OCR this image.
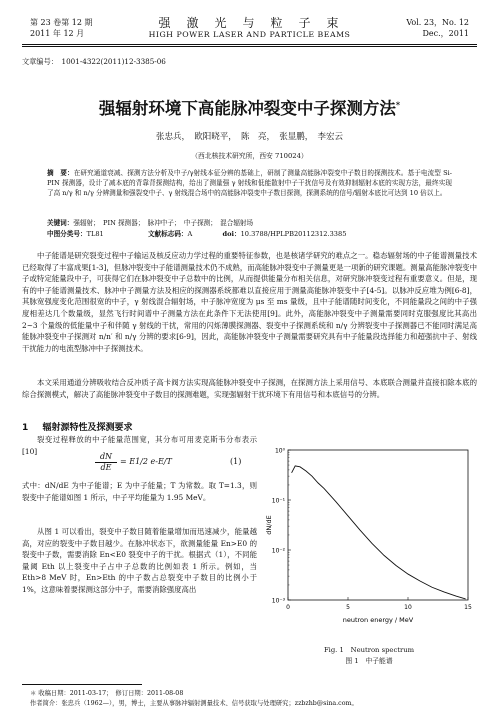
第 23 卷第 12 期
2011 年 12 月
强　激　光　与　粒　子　束
HIGH POWER LASER AND PARTICLE BEAMS
Vol. 23，No. 12
Dec.，2011
文章编号：　1001-4322(2011)12-3385-06
强辐射环境下高能脉冲裂变中子探测方法*
张忠兵，　欧阳晓平，　陈　亮，　张显鹏，　李宏云
（西北核技术研究所，西安 710024）
摘　要：在研究通道衰减、探测方法分析及中子/γ射线本征分辨的基础上，研制了测量高能脉冲裂变中子数目的探测技术。基于电流型 Si-PIN 探测器，设计了减本底的背靠背探测结构，给出了测量强 γ 射线和低能散射中子干扰信号及有效抑制辐射本底的实现方法，最终实现了高 n/γ 和 n/γ 分辨测量和强裂变中子、γ 射线混合场中的高能脉冲裂变中子数目探测，探测系统的信号/辐射本底比可达到 10 倍以上。
关键词：强辐射；　PIN 探测器；　脉冲中子；　中子探测；　混合辐射场
中图分类号：TL81	文献标志码：A	doi：10.3788/HPLPB20112312.3385

中子能谱是研究裂变过程中子输运及核反应动力学过程的重要特征参数，也是核诸学研究的难点之一。稳态辐射场的中子能谱测量技术已经取得了丰富成果[1-3]，但脉冲裂变中子能谱测量技术仍不成熟，而高能脉冲裂变中子测量更是一项新的研究课题。测量高能脉冲裂变中子或特定能量段中子，可获得它们在脉冲裂变中子总数中的比例，从而提供能量分布相关信息，对研究脉冲裂变过程有重要意义。但是，现有的中子能谱测量技术、脉冲中子测量方法及相应的探测器系统都难以直接应用于测量高能脉冲裂变中子[4-5]。以脉冲反应堆为例[6-8]，其脉宽强度变化范围很宽的中子，γ 射线混合辐射场，中子脉冲宽度为 μs 至 ms 量级，且中子能谱随时间变化，不同能量段之间的中子强度相差达几个数量级，显然飞行时间谱中子测量方法在此条件下无法使用[9]。此外，高能脉冲裂变中子测量需要同时克服强度比其高出 2~3 个量级的低能量中子和伴随 γ 射线的干扰，常用的闪烁薄膜探测器、裂变中子探测系统和 n/γ 分辨裂变中子探测器已不能同时满足高能脉冲裂变中子探测对 n/n′ 和 n/γ 分辨的要求[6-9]，因此，高能脉冲裂变中子测量需要研究具有中子能量段选择能力和超强抗中子、射线干扰能力的电流型脉冲中子探测技术。

本文采用通道分辨吸收结合反冲质子高卡阀方法实现高能脉冲裂变中子探测，在探测方法上采用信号、本底联合测量并直接扣除本底的综合探测模式，解决了高能脉冲裂变中子数目的探测难题，实现强辐射干扰环境下有用信号和本底信号的分辨。

1 辐射源特性及探测要求

裂变过程释放的中子能量范围宽，其分布可用麦克斯韦分布表示[10]

$\frac{dN}{dE} = E1/2$ e-E/T	(1)

式中：dN/dE 为中子能谱；E 为中子能量；T 为常数。取 T=1.3，则裂变中子能谱如图 1 所示，中子平均能量为 1.95 MeV。

从图 1 可以看出，裂变中子数目随着能量增加而迅速减少，能量越高，对应的裂变中子数目越少。在脉冲状态下，欲测量能量 En>E0 的裂变中子数，需要消除 En<E0 裂变中子的干扰。根据式（1），不同能量阈 Eth 以上裂变中子占中子总数的比例如表 1 所示。例如，当 Eth>8 MeV 时，En>Eth 的中子数占总裂变中子数目的比例小于 1%，这意味着要探测这部分中子，需要消除强度高出

10⁰
10⁻¹
10⁻²
10⁻³
0	5	10	15
dN/dE
neutron energy / MeV
Fig. 1　Neutron spectrum
图 1　中子能谱
＊ 收稿日期：2011-03-17；　修订日期：2011-08-08
作者简介：张忠兵（1962—），男，博士，主要从事脉冲辐射测量技术、信号获取与处理研究；zzbzhb@sina.com。
